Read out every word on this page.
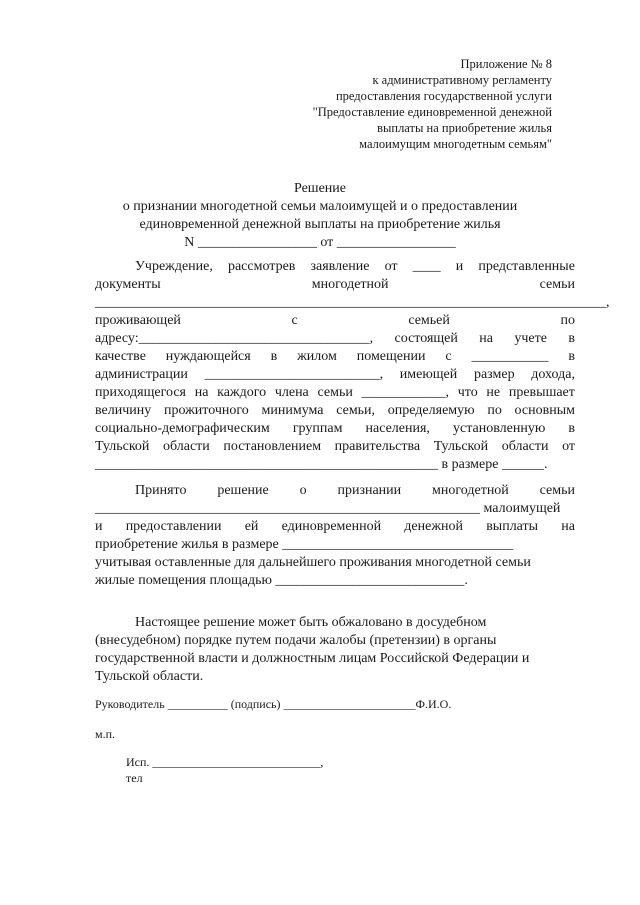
Приложение № 8
к административному регламенту
предоставления государственной услуги
"Предоставление единовременной денежной
выплаты на приобретение жилья
малоимущим многодетным семьям"
Решение
о признании многодетной семьи малоимущей и о предоставлении
единовременной денежной выплаты на приобретение жилья
N _________________ от _________________
Учреждение, рассмотрев заявление от ____ и представленные
документы	многодетной	семьи
_________________________________________________________________________,
проживающей	с	семьей	по
адресу:_________________________________, состоящей на учете в
качестве нуждающейся в жилом помещении с ___________ в
администрации _________________________, имеющей размер дохода,
приходящегося на каждого члена семьи ____________, что не превышает
величину прожиточного минимума семьи, определяемую по основным
социально-демографическим группам населения, установленную в
Тульской области постановлением правительства Тульской области от
_________________________________________________ в размере ______.
Принято решение о признании многодетной семьи
_______________________________________________________ малоимущей
и предоставлении ей единовременной денежной выплаты на
приобретение жилья в размере _________________________________
учитывая оставленные для дальнейшего проживания многодетной семьи
жилые помещения площадью ___________________________.
Настоящее решение может быть обжаловано в досудебном
(внесудебном) порядке путем подачи жалобы (претензии) в органы
государственной власти и должностным лицам Российской Федерации и
Тульской области.
Руководитель __________ (подпись) ______________________Ф.И.О.
м.п.
Исп. ____________________________,
тел
